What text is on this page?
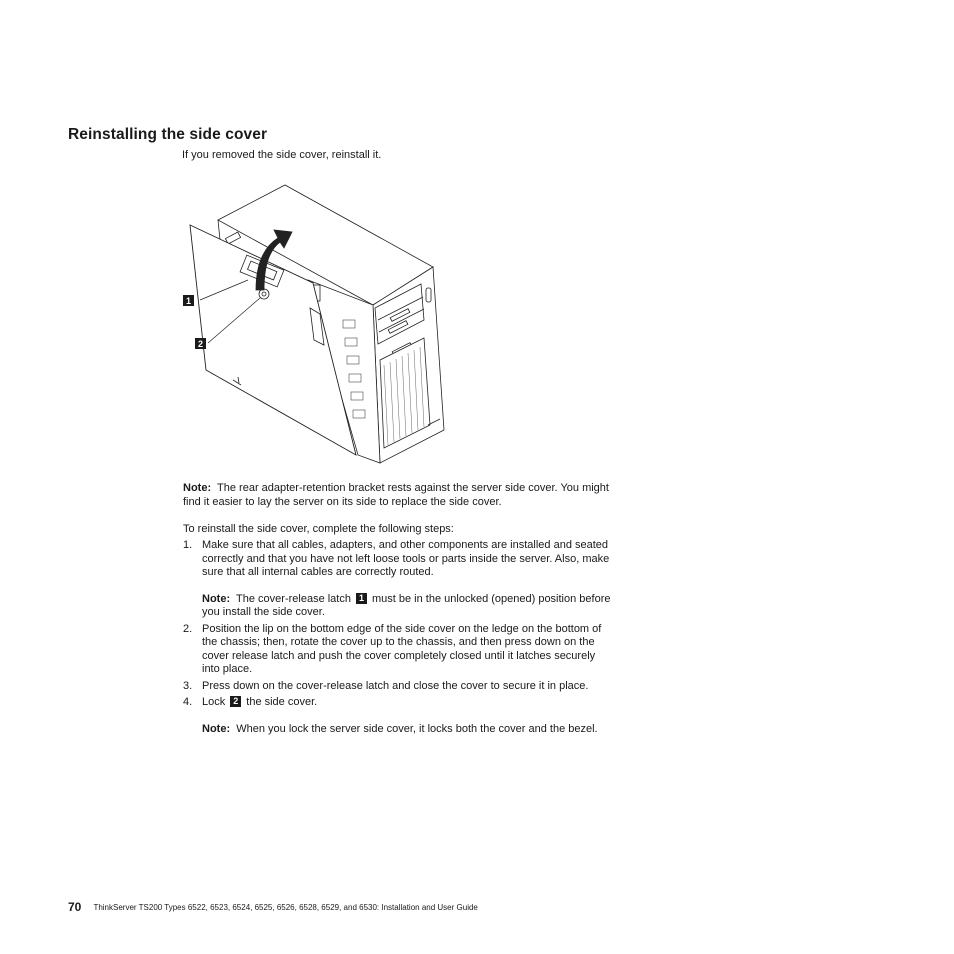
Reinstalling the side cover
If you removed the side cover, reinstall it.
1
2
Note: The rear adapter-retention bracket rests against the server side cover. You might find it easier to lay the server on its side to replace the side cover.
To reinstall the side cover, complete the following steps:
1. Make sure that all cables, adapters, and other components are installed and seated correctly and that you have not left loose tools or parts inside the server. Also, make sure that all internal cables are correctly routed.
Note: The cover-release latch 1 must be in the unlocked (opened) position before you install the side cover.
2. Position the lip on the bottom edge of the side cover on the ledge on the bottom of the chassis; then, rotate the cover up to the chassis, and then press down on the cover release latch and push the cover completely closed until it latches securely into place.
3. Press down on the cover-release latch and close the cover to secure it in place.
4. Lock 2 the side cover.
Note: When you lock the server side cover, it locks both the cover and the bezel.
70 ThinkServer TS200 Types 6522, 6523, 6524, 6525, 6526, 6528, 6529, and 6530: Installation and User Guide
